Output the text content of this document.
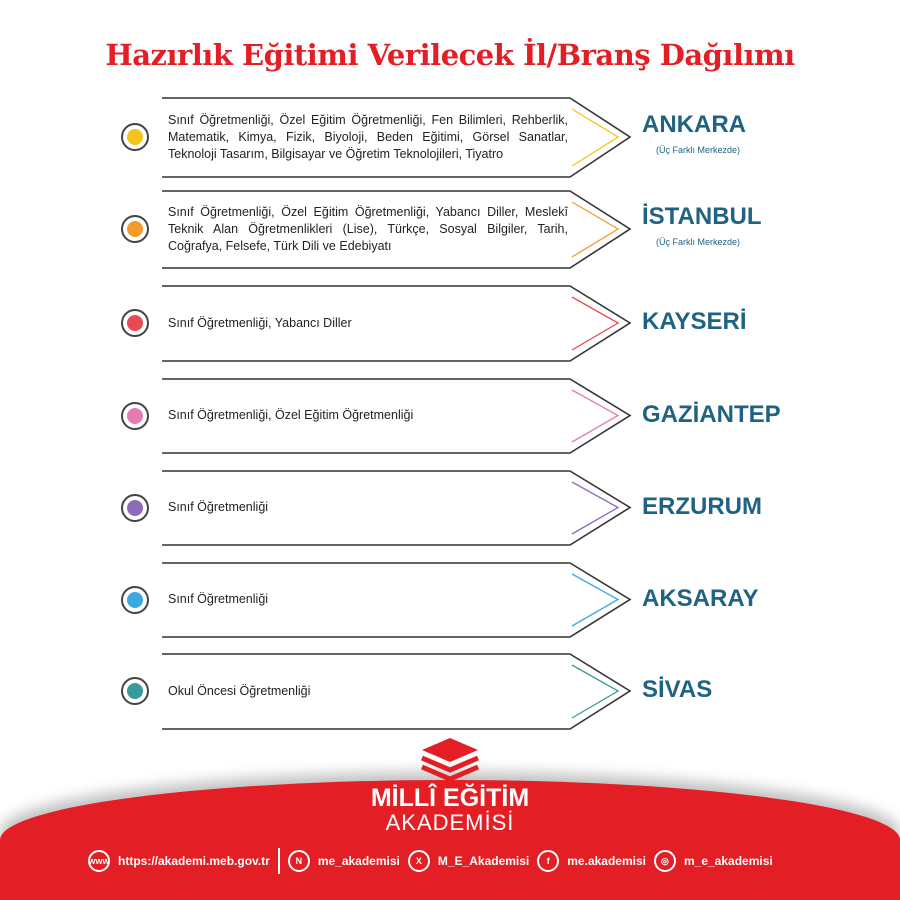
Hazırlık Eğitimi Verilecek İl/Branş Dağılımı
Sınıf Öğretmenliği, Özel Eğitim Öğretmenliği, Fen Bilimleri, Rehberlik, Matematik, Kimya, Fizik, Biyoloji, Beden Eğitimi, Görsel Sanatlar, Teknoloji Tasarım, Bilgisayar ve Öğretim Teknolojileri, Tiyatro
ANKARA
(Üç Farklı Merkezde)
Sınıf Öğretmenliği, Özel Eğitim Öğretmenliği, Yabancı Diller, Meslekî Teknik Alan Öğretmenlikleri (Lise), Türkçe, Sosyal Bilgiler, Tarih, Coğrafya, Felsefe, Türk Dili ve Edebiyatı
İSTANBUL
(Üç Farklı Merkezde)
Sınıf Öğretmenliği, Yabancı Diller	KAYSERİ
Sınıf Öğretmenliği, Özel Eğitim Öğretmenliği	GAZİANTEP
Sınıf Öğretmenliği	ERZURUM
Sınıf Öğretmenliği	AKSARAY
Okul Öncesi Öğretmenliği	SİVAS
MİLLÎ EĞİTİM
AKADEMİSİ
www https://akademi.meb.gov.tr	N	me_akademisi	X	M_E_Akademisi	f	me.akademisi	◎	m_e_akademisi
